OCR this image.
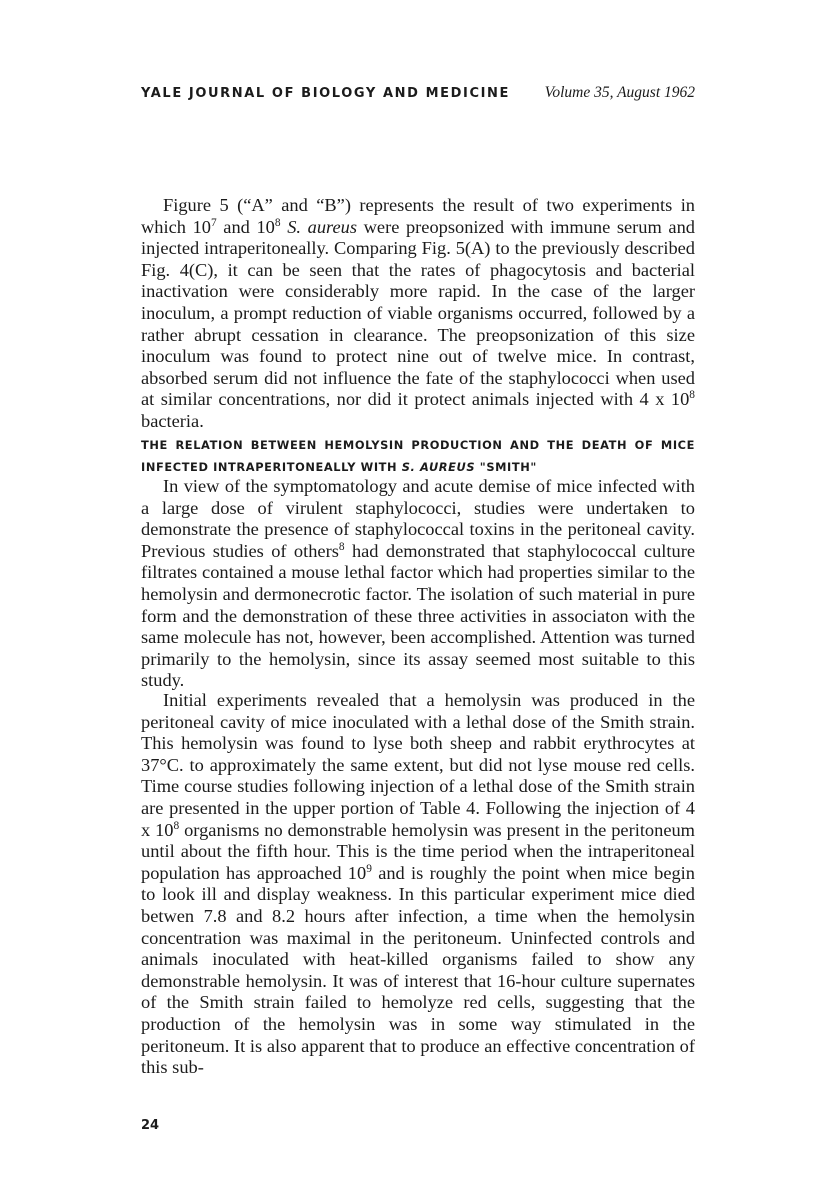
YALE JOURNAL OF BIOLOGY AND MEDICINE Volume 35, August 1962

Figure 5 (“A” and “B”) represents the result of two experiments in which $10^7$ and $10^8$ S. aureus were preopsonized with immune serum and injected intraperitoneally. Comparing Fig. 5(A) to the previously described Fig. 4(C), it can be seen that the rates of phagocytosis and bacterial inactivation were considerably more rapid. In the case of the larger inoculum, a prompt reduction of viable organisms occurred, followed by a rather abrupt cessation in clearance. The preopsonization of this size inoculum was found to protect nine out of twelve mice. In contrast, absorbed serum did not influence the fate of the staphylococci when used at similar concentrations, nor did it protect animals injected with 4 x $10^8$ bacteria.

THE RELATION BETWEEN HEMOLYSIN PRODUCTION AND THE DEATH OF MICE INFECTED INTRAPERITONEALLY WITH S. AUREUS "SMITH"

In view of the symptomatology and acute demise of mice infected with a large dose of virulent staphylococci, studies were undertaken to demonstrate the presence of staphylococcal toxins in the peritoneal cavity. Previous studies of others$^8$ had demonstrated that staphylococcal culture filtrates contained a mouse lethal factor which had properties similar to the hemolysin and dermonecrotic factor. The isolation of such material in pure form and the demonstration of these three activities in associaton with the same molecule has not, however, been accomplished. Attention was turned primarily to the hemolysin, since its assay seemed most suitable to this study.

Initial experiments revealed that a hemolysin was produced in the peritoneal cavity of mice inoculated with a lethal dose of the Smith strain. This hemolysin was found to lyse both sheep and rabbit erythrocytes at 37°C. to approximately the same extent, but did not lyse mouse red cells. Time course studies following injection of a lethal dose of the Smith strain are presented in the upper portion of Table 4. Following the injection of 4 x $10^8$ organisms no demonstrable hemolysin was present in the peritoneum until about the fifth hour. This is the time period when the intraperitoneal population has approached $10^9$ and is roughly the point when mice begin to look ill and display weakness. In this particular experiment mice died betwen 7.8 and 8.2 hours after infection, a time when the hemolysin concentration was maximal in the peritoneum. Uninfected controls and animals inoculated with heat-killed organisms failed to show any demonstrable hemolysin. It was of interest that 16-hour culture supernates of the Smith strain failed to hemolyze red cells, suggesting that the production of the hemolysin was in some way stimulated in the peritoneum. It is also apparent that to produce an effective concentration of this sub-

24
